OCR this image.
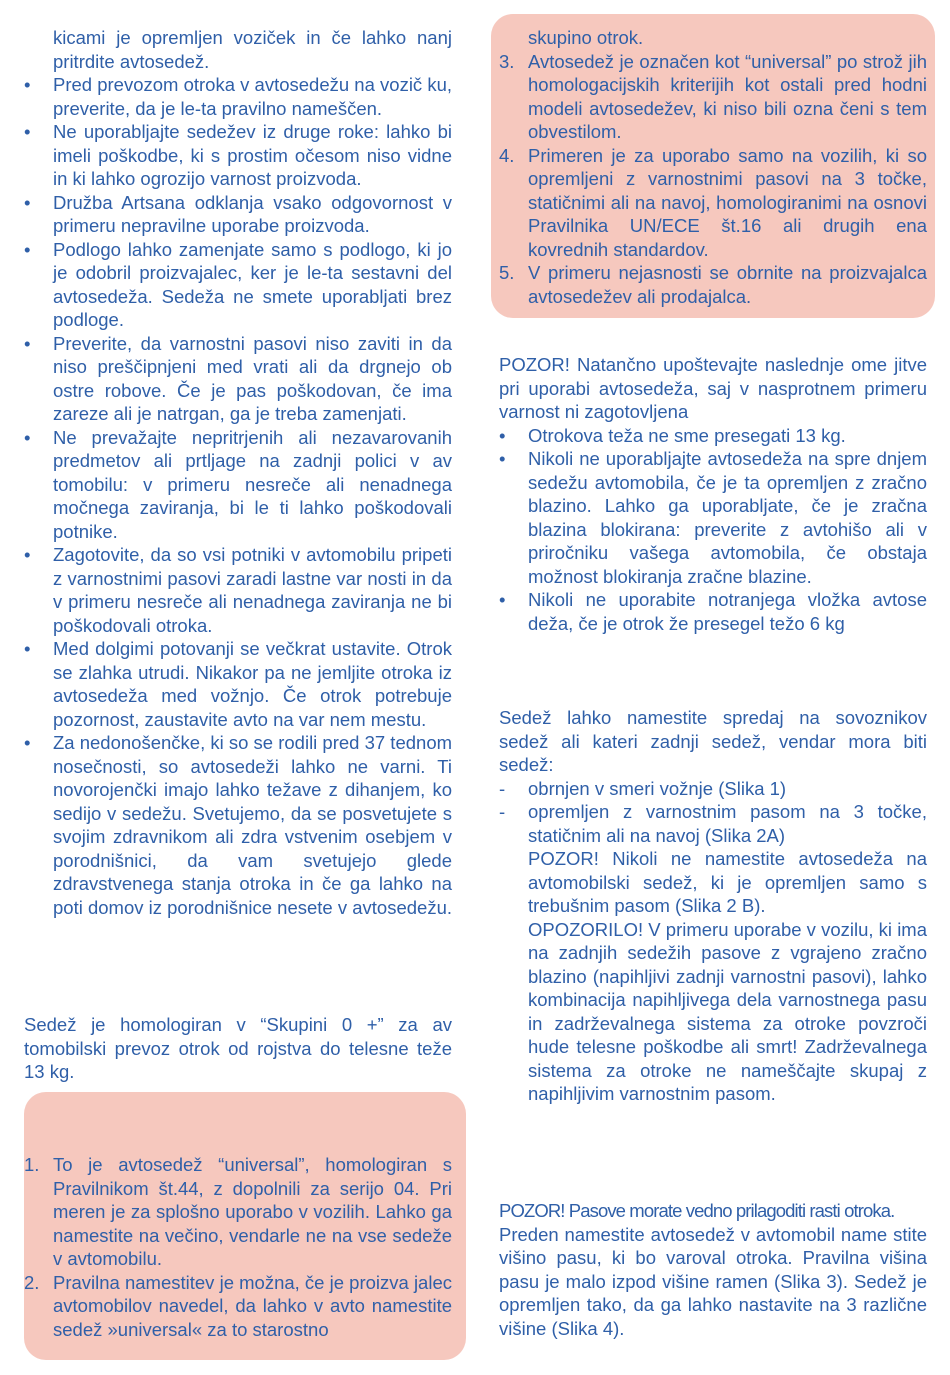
kicami je opremljen voziček in če lahko nanj pritrdite avtosedež.

• Pred prevozom otroka v avtosedežu na vozič ku, preverite, da je le-ta pravilno nameščen.
• Ne uporabljajte sedežev iz druge roke: lahko bi imeli poškodbe, ki s prostim očesom niso vidne in ki lahko ogrozijo varnost proizvoda.
• Družba Artsana odklanja vsako odgovornost v primeru nepravilne uporabe proizvoda.
• Podlogo lahko zamenjate samo s podlogo, ki jo je odobril proizvajalec, ker je le-ta sestavni del avtosedeža. Sedeža ne smete uporabljati brez podloge.
• Preverite, da varnostni pasovi niso zaviti in da niso preščipnjeni med vrati ali da drgnejo ob ostre robove. Če je pas poškodovan, če ima zareze ali je natrgan, ga je treba zamenjati.
• Ne prevažajte nepritrjenih ali nezavarovanih predmetov ali prtljage na zadnji polici v av tomobilu: v primeru nesreče ali nenadnega močnega zaviranja, bi le ti lahko poškodovali potnike.
• Zagotovite, da so vsi potniki v avtomobilu pripeti z varnostnimi pasovi zaradi lastne var nosti in da v primeru nesreče ali nenadnega zaviranja ne bi poškodovali otroka.
• Med dolgimi potovanji se večkrat ustavite. Otrok se zlahka utrudi. Nikakor pa ne jemljite otroka iz avtosedeža med vožnjo. Če otrok potrebuje pozornost, zaustavite avto na var nem mestu.
• Za nedonošenčke, ki so se rodili pred 37 tednom nosečnosti, so avtosedeži lahko ne varni. Ti novorojenčki imajo lahko težave z dihanjem, ko sedijo v sedežu. Svetujemo, da se posvetujete s svojim zdravnikom ali zdra vstvenim osebjem v porodnišnici, da vam svetujejo glede zdravstvenega stanja otroka in če ga lahko na poti domov iz porodnišnice nesete v avtosedežu.

Sedež je homologiran v “Skupini 0 +” za av tomobilski prevoz otrok od rojstva do telesne teže 13 kg.

1. To je avtosedež “universal”, homologiran s Pravilnikom št.44, z dopolnili za serijo 04. Pri meren je za splošno uporabo v vozilih. Lahko ga namestite na večino, vendarle ne na vse sedeže v avtomobilu.
2. Pravilna namestitev je možna, če je proizva jalec avtomobilov navedel, da lahko v avto namestite sedež »universal« za to starostno

skupino otrok.

3. Avtosedež je označen kot “universal” po strož jih homologacijskih kriterijih kot ostali pred hodni modeli avtosedežev, ki niso bili ozna čeni s tem obvestilom.
4. Primeren je za uporabo samo na vozilih, ki so opremljeni z varnostnimi pasovi na 3 točke, statičnimi ali na navoj, homologiranimi na osnovi Pravilnika UN/ECE št.16 ali drugih ena kovrednih standardov.
5. V primeru nejasnosti se obrnite na proizvajalca avtosedežev ali prodajalca.

POZOR! Natančno upoštevajte naslednje ome jitve pri uporabi avtosedeža, saj v nasprotnem primeru varnost ni zagotovljena

• Otrokova teža ne sme presegati 13 kg.
• Nikoli ne uporabljajte avtosedeža na spre dnjem sedežu avtomobila, če je ta opremljen z zračno blazino. Lahko ga uporabljate, če je zračna blazina blokirana: preverite z avtohišo ali v priročniku vašega avtomobila, če obstaja možnost blokiranja zračne blazine.
• Nikoli ne uporabite notranjega vložka avtose deža, če je otrok že presegel težo 6 kg

Sedež lahko namestite spredaj na sovoznikov sedež ali kateri zadnji sedež, vendar mora biti sedež:

- obrnjen v smeri vožnje (Slika 1)
- opremljen z varnostnim pasom na 3 točke, statičnim ali na navoj (Slika 2A)

POZOR! Nikoli ne namestite avtosedeža na avtomobilski sedež, ki je opremljen samo s trebušnim pasom (Slika 2 B).

OPOZORILO! V primeru uporabe v vozilu, ki ima na zadnjih sedežih pasove z vgrajeno zračno blazino (napihljivi zadnji varnostni pasovi), lahko kombinacija napihljivega dela varnostnega pasu in zadrževalnega sistema za otroke povzroči hude telesne poškodbe ali smrt! Zadrževalnega sistema za otroke ne nameščajte skupaj z napihljivim varnostnim pasom.

POZOR! Pasove morate vedno prilagoditi rasti otroka.

Preden namestite avtosedež v avtomobil name stite višino pasu, ki bo varoval otroka. Pravilna višina pasu je malo izpod višine ramen (Slika 3). Sedež je opremljen tako, da ga lahko nastavite na 3 različne višine (Slika 4).
